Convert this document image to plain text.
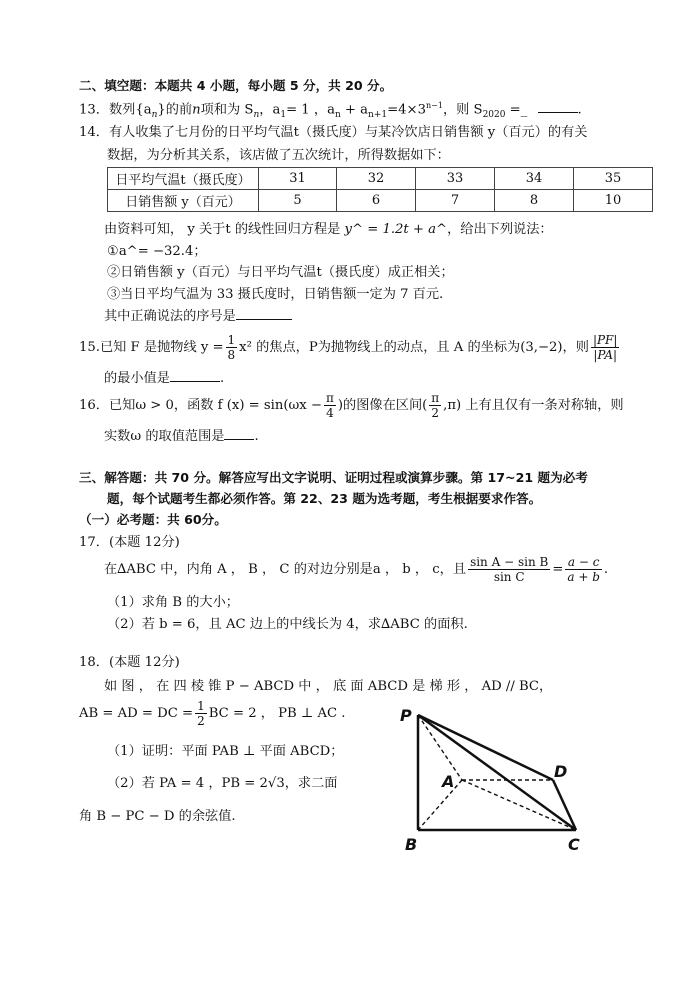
二、填空题：本题共 4 小题，每小题 5 分，共 20 分。
13．数列$\{a_n\}$的前n项和为 $S_n$，$a_1= 1$ ，$a_n + a_{n+1}=4\times 3^{n-1}$，则 $S_{2020}$ =_	.
14．有人收集了七月份的日平均气温t（摄氏度）与某冷饮店日销售额 y（百元）的有关
数据，为分析其关系，该店做了五次统计，所得数据如下：
日平均气温t（摄氏度）	31	32	33	34	35
日销售额 y（百元）	5	6	7	8	10
由资料可知， y 关于t 的线性回归方程是 y^ = 1.2t + a^，给出下列说法：
①a^= −32.4；
②日销售额 y（百元）与日平均气温t（摄氏度）成正相关；
③当日平均气温为 33 摄氏度时，日销售额一定为 7 百元.
其中正确说法的序号是
15.已知 F 是抛物线 $y = \frac{1}{8} x^2$ 的焦点，P为抛物线上的动点，且 A 的坐标为(3,−2)，则 $\frac{|PF|}{|PA|}$
的最小值是	.
16．已知ω > 0，函数 f $(x) = \sin(\omega x - \frac{\pi}{4}$ )的图像在区间( $\frac{\pi}{2} ,\pi$) 上有且仅有一条对称轴，则
实数ω 的取值范围是 .
三、解答题：共 70 分。解答应写出文字说明、证明过程或演算步骤。第 17~21 题为必考
题，每个试题考生都必须作答。第 22、23 题为选考题，考生根据要求作答。
（一）必考题：共 60分。
17．(本题 12分)
在∆ABC 中，内角 A ， B ， C 的对边分别是a ， b ， c，且 $\frac{\text{sin A − sin B}}{\text{sin C}} = \frac{a - c}{a + b}$ .
（1）求角 B 的大小；
（2）若 b = 6，且 AC 边上的中线长为 4，求∆ABC 的面积.
18．(本题 12分)
如 图 ， 在 四 棱 锥 P − ABCD 中 ， 底 面 ABCD 是 梯 形 ， AD // BC，
AB = AD = DC = $\frac{1}{2}$ BC = 2 ， PB ⊥ AC .
（1）证明：平面 PAB ⊥ 平面 ABCD；
（2）若 PA = 4 ，PB = 2√3，求二面
角 B − PC − D 的余弦值.
P
A
D
B	C
